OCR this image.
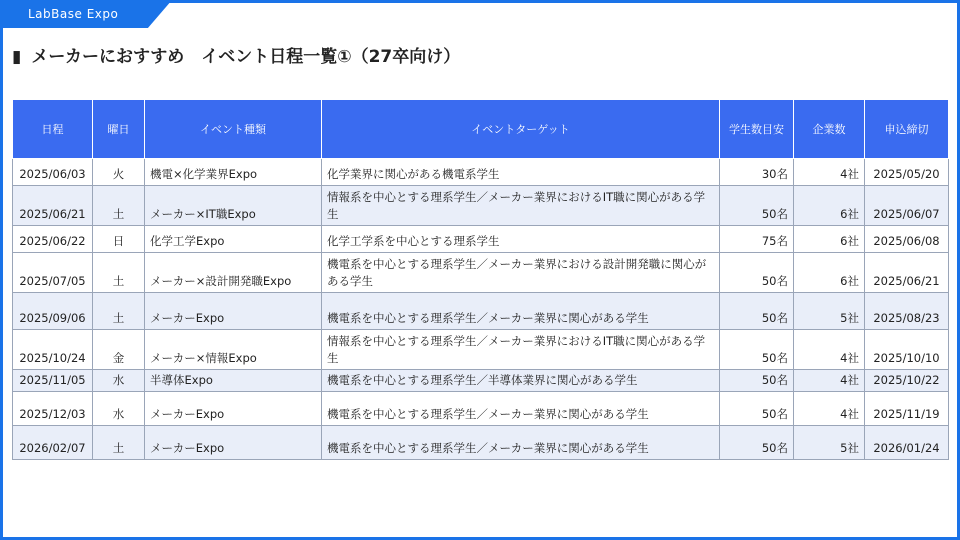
LabBase Expo
▮ メーカーにおすすめ　イベント日程一覧①（27卒向け）
日程	曜日	イベント種類	イベントターゲット	学生数目安	企業数	申込締切
2025/06/03	火	機電×化学業界Expo	化学業界に関心がある機電系学生	30名	4社	2025/05/20
2025/06/21	土	メーカー×IT職Expo	情報系を中心とする理系学生／メーカー業界におけるIT職に関心がある学生	50名	6社	2025/06/07
2025/06/22	日	化学工学Expo	化学工学系を中心とする理系学生	75名	6社	2025/06/08
2025/07/05	土	メーカー×設計開発職Expo	機電系を中心とする理系学生／メーカー業界における設計開発職に関心がある学生	50名	6社	2025/06/21
2025/09/06	土	メーカーExpo	機電系を中心とする理系学生／メーカー業界に関心がある学生	50名	5社	2025/08/23
2025/10/24	金	メーカー×情報Expo	情報系を中心とする理系学生／メーカー業界におけるIT職に関心がある学生	50名	4社	2025/10/10
2025/11/05	水	半導体Expo	機電系を中心とする理系学生／半導体業界に関心がある学生	50名	4社	2025/10/22
2025/12/03	水	メーカーExpo	機電系を中心とする理系学生／メーカー業界に関心がある学生	50名	4社	2025/11/19
2026/02/07	土	メーカーExpo	機電系を中心とする理系学生／メーカー業界に関心がある学生	50名	5社	2026/01/24
